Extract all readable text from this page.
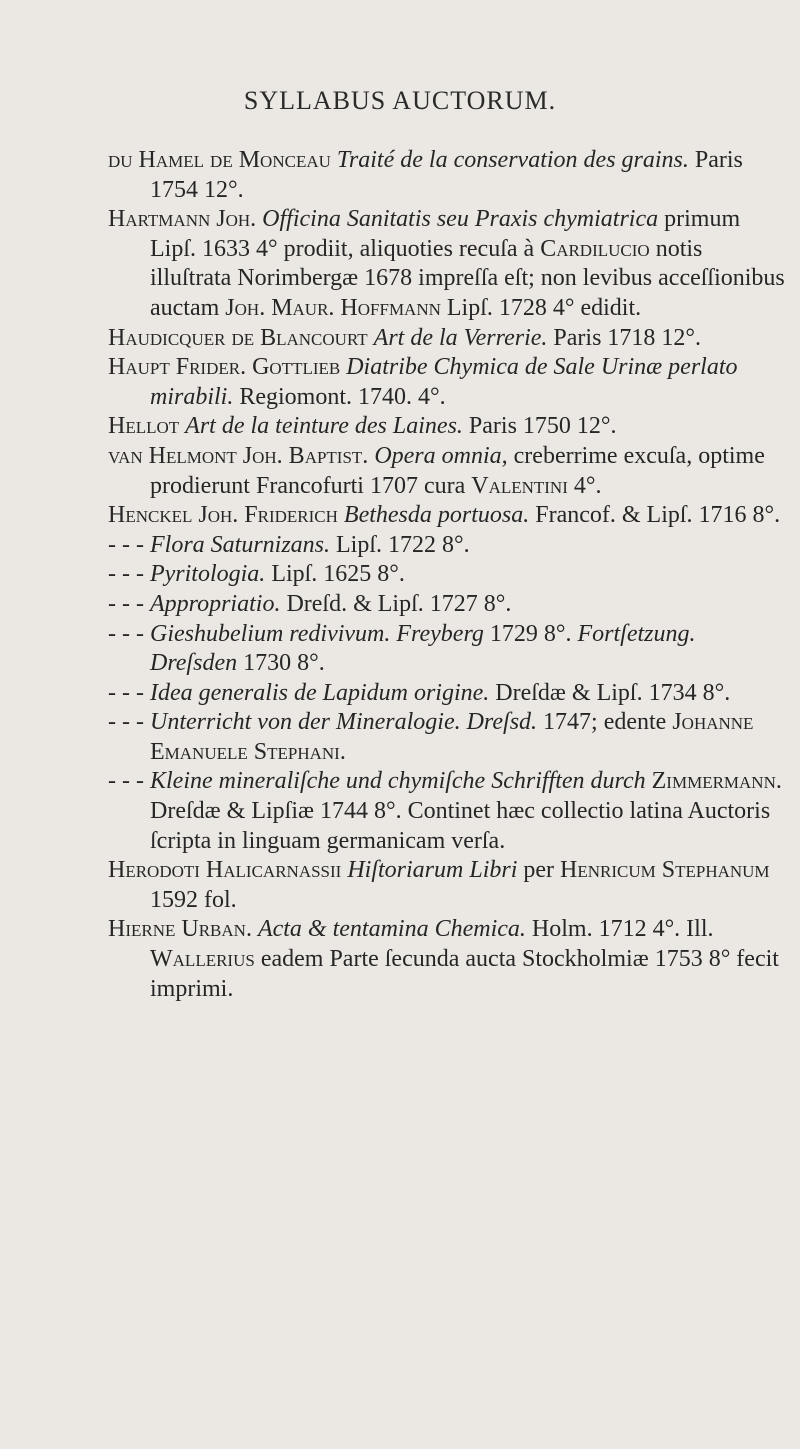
SYLLABUS AUCTORUM.

du Hamel de Monceau Traité de la conservation des grains. Paris 1754 12°.

Hartmann Joh. Officina Sanitatis seu Praxis chymiatrica primum Lipſ. 1633 4° prodiit, aliquoties recuſa à Cardilucio notis illuſtrata Norimbergæ 1678 impreſſa eſt; non levibus acceſſionibus auctam Joh. Maur. Hoffmann Lipſ. 1728 4° edidit.

Haudicquer de Blancourt Art de la Verrerie. Paris 1718 12°.

Haupt Frider. Gottlieb Diatribe Chymica de Sale Urinæ perlato mirabili. Regiomont. 1740. 4°.

Hellot Art de la teinture des Laines. Paris 1750 12°.

van Helmont Joh. Baptist. Opera omnia, creberrime excuſa, optime prodierunt Francofurti 1707 cura Valentini 4°.

Henckel Joh. Friderich Bethesda portuosa. Francof. & Lipſ. 1716 8°.

- - - Flora Saturnizans. Lipſ. 1722 8°.

- - - Pyritologia. Lipſ. 1625 8°.

- - - Appropriatio. Dreſd. & Lipſ. 1727 8°.

- - - Gieshubelium redivivum. Freyberg 1729 8°. Fortſetzung. Dreſsden 1730 8°.

- - - Idea generalis de Lapidum origine. Dreſdæ & Lipſ. 1734 8°.

- - - Unterricht von der Mineralogie. Dreſsd. 1747; edente Johanne Emanuele Stephani.

- - - Kleine mineraliſche und chymiſche Schrifften durch Zimmermann. Dreſdæ & Lipſiæ 1744 8°. Continet hæc collectio latina Auctoris ſcripta in linguam germanicam verſa.

Herodoti Halicarnassii Hiſtoriarum Libri per Henricum Stephanum 1592 fol.

Hierne Urban. Acta & tentamina Chemica. Holm. 1712 4°. Ill. Wallerius eadem Parte ſecunda aucta Stockholmiæ 1753 8° fecit imprimi.
